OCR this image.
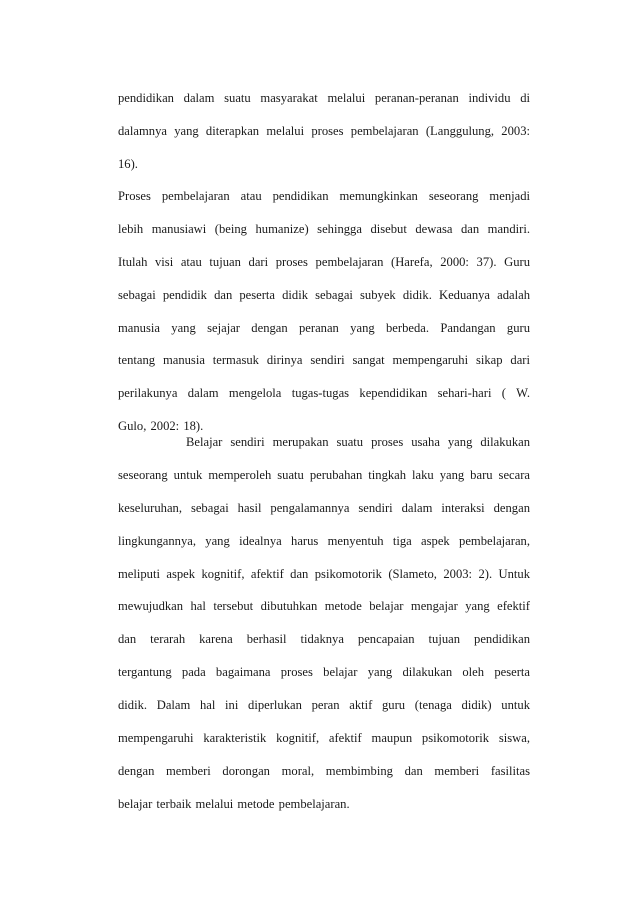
pendidikan dalam suatu masyarakat melalui peranan-peranan individu di
dalamnya yang diterapkan melalui proses pembelajaran (Langgulung, 2003:
16).
Proses pembelajaran atau pendidikan memungkinkan seseorang menjadi
lebih manusiawi (being humanize) sehingga disebut dewasa dan mandiri.
Itulah visi atau tujuan dari proses pembelajaran (Harefa, 2000: 37). Guru
sebagai pendidik dan peserta didik sebagai subyek didik. Keduanya adalah
manusia yang sejajar dengan peranan yang berbeda. Pandangan guru
tentang manusia termasuk dirinya sendiri sangat mempengaruhi sikap dari
perilakunya dalam mengelola tugas-tugas kependidikan sehari-hari ( W.
Gulo, 2002: 18).
Belajar sendiri merupakan suatu proses usaha yang dilakukan
seseorang untuk memperoleh suatu perubahan tingkah laku yang baru secara
keseluruhan, sebagai hasil pengalamannya sendiri dalam interaksi dengan
lingkungannya, yang idealnya harus menyentuh tiga aspek pembelajaran,
meliputi aspek kognitif, afektif dan psikomotorik (Slameto, 2003: 2). Untuk
mewujudkan hal tersebut dibutuhkan metode belajar mengajar yang efektif
dan terarah karena berhasil tidaknya pencapaian tujuan pendidikan
tergantung pada bagaimana proses belajar yang dilakukan oleh peserta
didik. Dalam hal ini diperlukan peran aktif guru (tenaga didik) untuk
mempengaruhi karakteristik kognitif, afektif maupun psikomotorik siswa,
dengan memberi dorongan moral, membimbing dan memberi fasilitas
belajar terbaik melalui metode pembelajaran.
